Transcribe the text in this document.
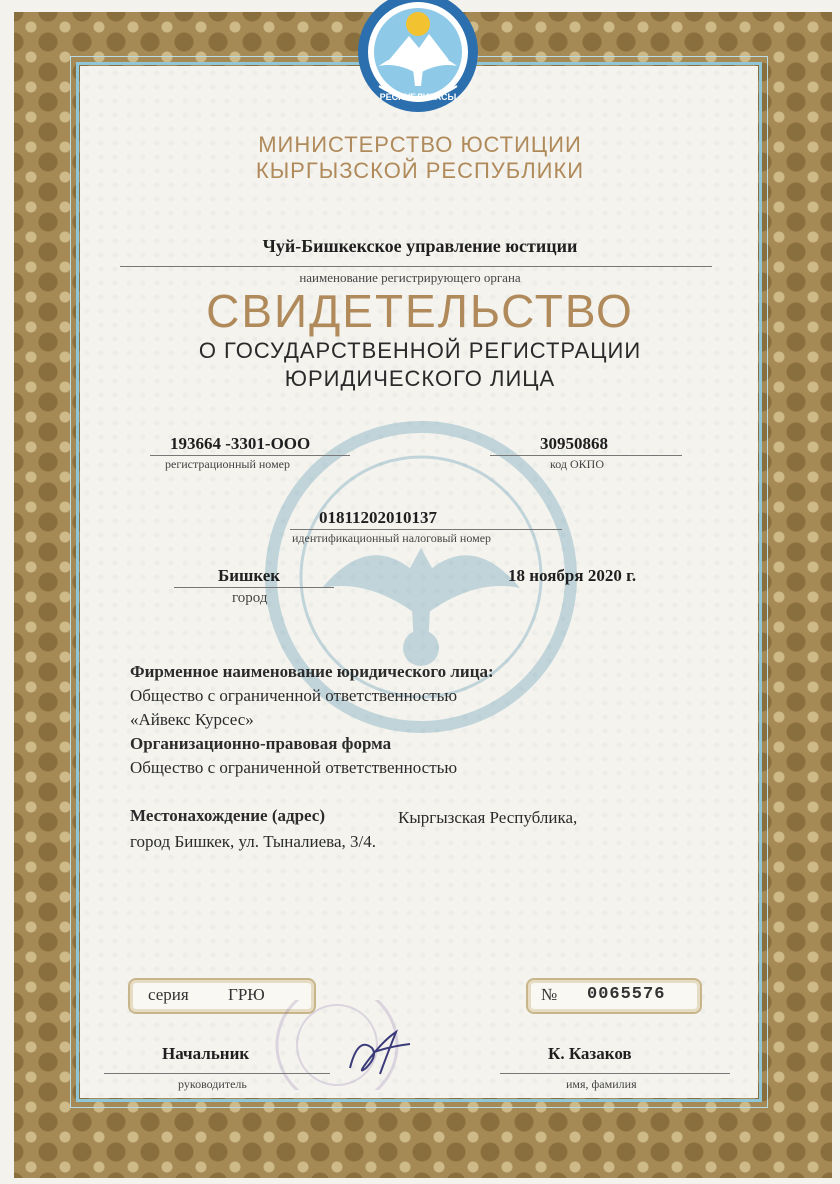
РЕСПУБЛИКАСЫ
МИНИСТЕРСТВО ЮСТИЦИИ
КЫРГЫЗСКОЙ РЕСПУБЛИКИ
Чуй-Бишкекское управление юстиции
наименование регистрирующего органа
СВИДЕТЕЛЬСТВО
О ГОСУДАРСТВЕННОЙ РЕГИСТРАЦИИ
ЮРИДИЧЕСКОГО ЛИЦА
193664 -3301-ООО
регистрационный номер
30950868
код ОКПО
01811202010137
идентификационный налоговый номер
Бишкек
город
18 ноября 2020 г.
Фирменное наименование юридического лица:
Общество с ограниченной ответственностью
«Айвекс Курсес»
Организационно-правовая форма
Общество с ограниченной ответственностью
Местонахождение (адрес)	Кыргызская Республика,
город Бишкек, ул. Тыналиева, 3/4.
серия ГРЮ	№ 0065576
Начальник
руководитель
К. Казаков
имя, фамилия
